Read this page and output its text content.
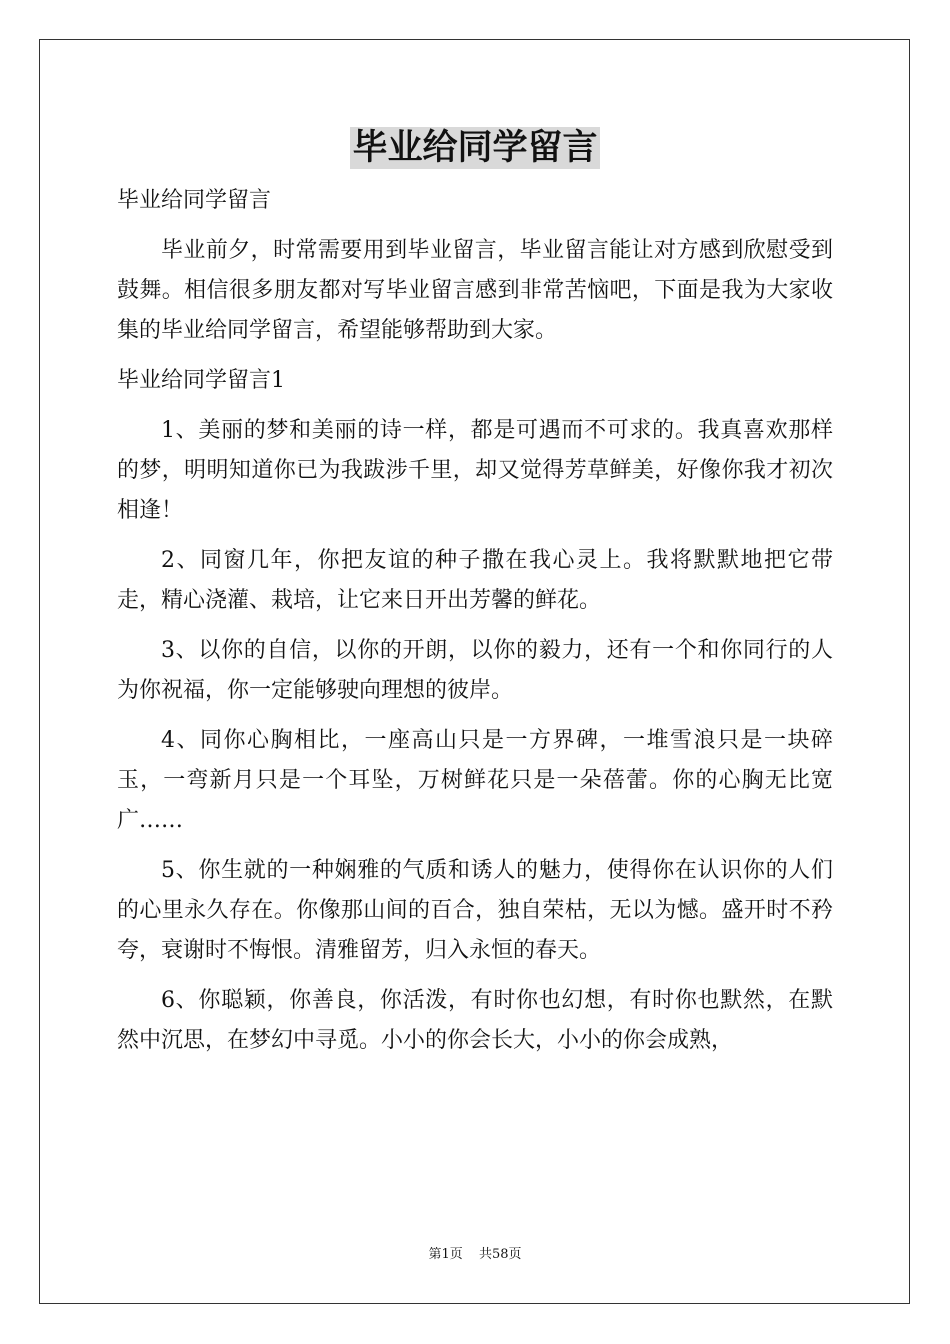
毕业给同学留言
毕业给同学留言

毕业前夕，时常需要用到毕业留言，毕业留言能让对方感到欣慰受到鼓舞。相信很多朋友都对写毕业留言感到非常苦恼吧，下面是我为大家收集的毕业给同学留言，希望能够帮助到大家。

毕业给同学留言1

1、美丽的梦和美丽的诗一样，都是可遇而不可求的。我真喜欢那样的梦，明明知道你已为我跋涉千里，却又觉得芳草鲜美，好像你我才初次相逢！

2、同窗几年，你把友谊的种子撒在我心灵上。我将默默地把它带走，精心浇灌、栽培，让它来日开出芳馨的鲜花。

3、以你的自信，以你的开朗，以你的毅力，还有一个和你同行的人为你祝福，你一定能够驶向理想的彼岸。

4、同你心胸相比，一座高山只是一方界碑，一堆雪浪只是一块碎玉，一弯新月只是一个耳坠，万树鲜花只是一朵蓓蕾。你的心胸无比宽广……

5、你生就的一种娴雅的气质和诱人的魅力，使得你在认识你的人们的心里永久存在。你像那山间的百合，独自荣枯，无以为憾。盛开时不矜夸，衰谢时不悔恨。清雅留芳，归入永恒的春天。

6、你聪颖，你善良，你活泼，有时你也幻想，有时你也默然，在默然中沉思，在梦幻中寻觅。小小的你会长大，小小的你会成熟，

第1页 共58页
